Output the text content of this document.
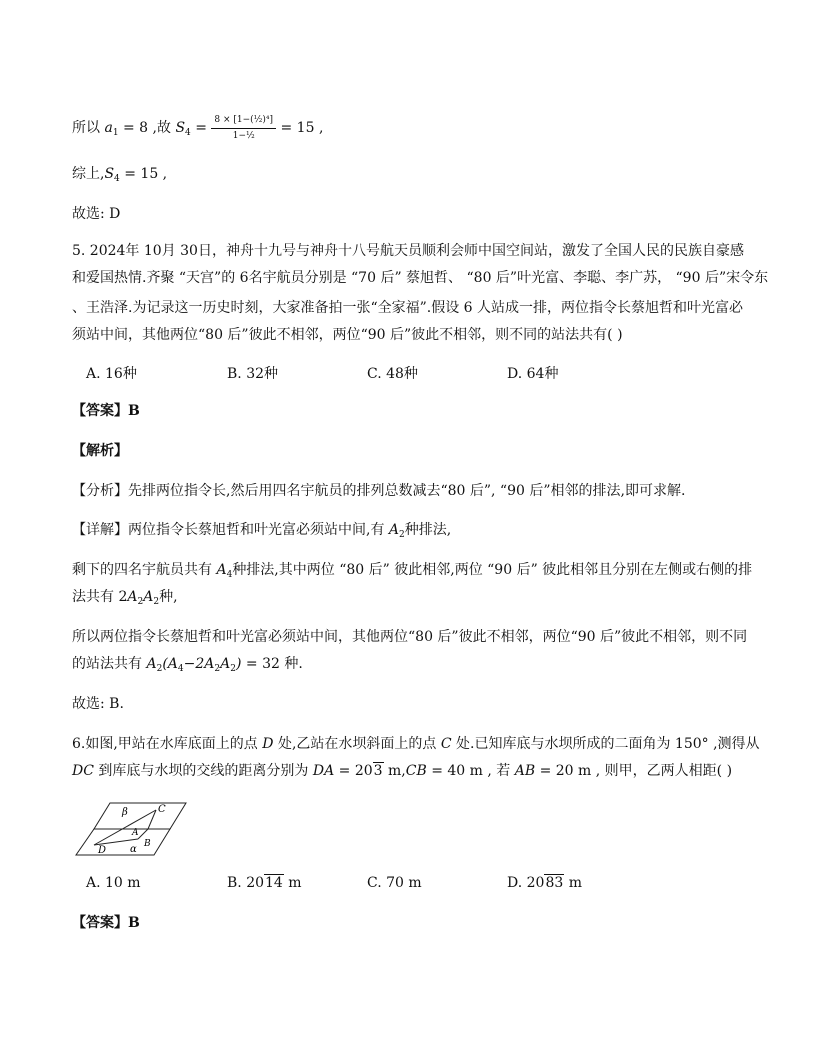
所以 $a_1 = 8$ ,故 $S_4 = \frac{\text{8 × [1−(½)⁴]}}{\text{1−½}} = 15$ ,
综上$,S_4 = 15$ ,
故选: D
5. 2024年 10月 30日，神舟十九号与神舟十八号航天员顺利会师中国空间站，激发了全国人民的民族自豪感
和爱国热情.齐聚 “天宫”的 6名宇航员分别是 “70 后” 蔡旭哲、 “80 后”叶光富、李聪、李广苏， “90 后”宋令东
、王浩泽.为记录这一历史时刻，大家准备拍一张“全家福”.假设 6 人站成一排，两位指令长蔡旭哲和叶光富必
须站中间，其他两位“80 后”彼此不相邻，两位“90 后”彼此不相邻，则不同的站法共有( )
A. 16种	B. 32种	C. 48种	D. 64种
【答案】B
【解析】
【分析】先排两位指令长,然后用四名宇航员的排列总数减去“80 后”, “90 后”相邻的排法,即可求解.
【详解】两位指令长蔡旭哲和叶光富必须站中间,有 $A_2$种排法,
剩下的四名宇航员共有 $A_4$种排法,其中两位 “80 后” 彼此相邻,两位 “90 后” 彼此相邻且分别在左侧或右侧的排
法共有 $2A_2A_2$种,
所以两位指令长蔡旭哲和叶光富必须站中间，其他两位“80 后”彼此不相邻，两位“90 后”彼此不相邻，则不同
的站法共有 $A_2(A_4-2A_2A_2) = 32$ 种.
故选: B.
6.如图,甲站在水库底面上的点 D 处,乙站在水坝斜面上的点 C 处.已知库底与水坝所成的二面角为 150° ,测得从
DC 到库底与水坝的交线的距离分别为 DA = 203 m,CB = 40 m , 若 AB = 20 m , 则甲，乙两人相距( )
β	C
A
D α B
A. 10 m	B. 2014 m	C. 70 m	D. 2083 m
【答案】B
